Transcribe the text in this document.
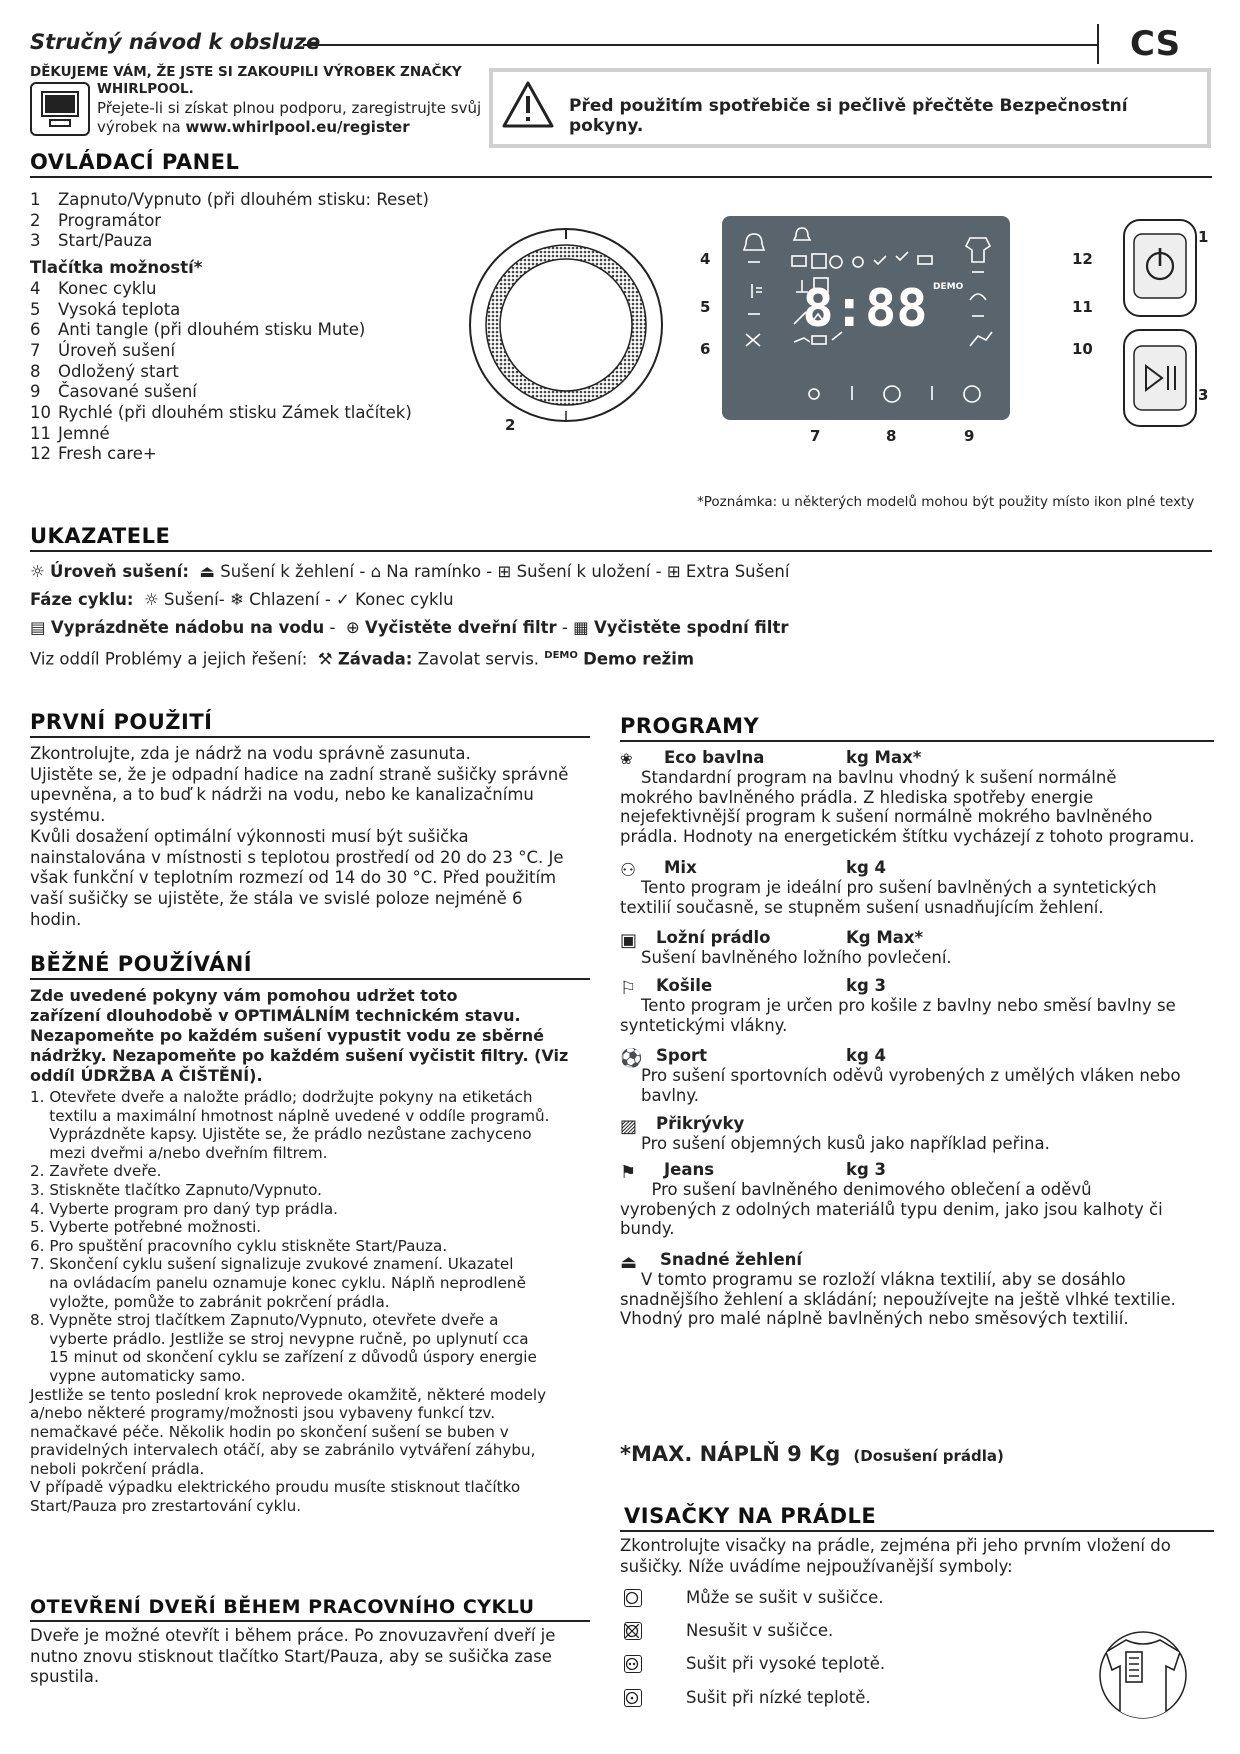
Stručný návod k obsluze	CS
DĚKUJEME VÁM, ŽE JSTE SI ZAKOUPILI VÝROBEK ZNAČKY
WHIRLPOOL.
Přejete-li si získat plnou podporu, zaregistrujte svůj
výrobek na www.whirlpool.eu/register
Před použitím spotřebiče si pečlivě přečtěte Bezpečnostní pokyny.
OVLÁDACÍ PANEL
1 Zapnuto/Vypnuto (při dlouhém stisku: Reset)
2 Programátor
3 Start/Pauza
Tlačítka možností*
4 Konec cyklu
5 Vysoká teplota
6 Anti tangle (při dlouhém stisku Mute)
7 Úroveň sušení
8 Odložený start
9 Časované sušení
10 Rychlé (při dlouhém stisku Zámek tlačítek)
11 Jemné
12 Fresh care+
2
8:88 DEMO
4
5
6
12
11
10
7	8	9
1
3
*Poznámka: u některých modelů mohou být použity místo ikon plné texty
UKAZATELE
☼ Úroveň sušení:  ⏏ Sušení k žehlení - ⌂ Na ramínko - ⊞ Sušení k uložení - ⊞ Extra Sušení
Fáze cyklu:  ☼ Sušení- ❄ Chlazení - ✓ Konec cyklu
▤ Vyprázdněte nádobu na vodu -  ⊕ Vyčistěte dveřní filtr - ▦ Vyčistěte spodní filtr
Viz oddíl Problémy a jejich řešení:  ⚒ Závada: Zavolat servis. $^{DEMO}$ Demo režim
PRVNÍ POUŽITÍ
Zkontrolujte, zda je nádrž na vodu správně zasunuta.
Ujistěte se, že je odpadní hadice na zadní straně sušičky správně
upevněna, a to buď k nádrži na vodu, nebo ke kanalizačnímu
systému.
Kvůli dosažení optimální výkonnosti musí být sušička
nainstalována v místnosti s teplotou prostředí od 20 do 23 °C. Je
však funkční v teplotním rozmezí od 14 do 30 °C. Před použitím
vaší sušičky se ujistěte, že stála ve svislé poloze nejméně 6
hodin.
BĚŽNÉ POUŽÍVÁNÍ
Zde uvedené pokyny vám pomohou udržet toto
zařízení dlouhodobě v OPTIMÁLNÍM technickém stavu.
Nezapomeňte po každém sušení vypustit vodu ze sběrné
nádržky. Nezapomeňte po každém sušení vyčistit filtry. (Viz
oddíl ÚDRŽBA A ČIŠTĚNÍ).
1. Otevřete dveře a naložte prádlo; dodržujte pokyny na etiketách
textilu a maximální hmotnost náplně uvedené v oddíle programů.
Vyprázdněte kapsy. Ujistěte se, že prádlo nezůstane zachyceno
mezi dveřmi a/nebo dveřním filtrem.
2. Zavřete dveře.
3. Stiskněte tlačítko Zapnuto/Vypnuto.
4. Vyberte program pro daný typ prádla.
5. Vyberte potřebné možnosti.
6. Pro spuštění pracovního cyklu stiskněte Start/Pauza.
7. Skončení cyklu sušení signalizuje zvukové znamení. Ukazatel
na ovládacím panelu oznamuje konec cyklu. Náplň neprodleně
vyložte, pomůže to zabránit pokrčení prádla.
8. Vypněte stroj tlačítkem Zapnuto/Vypnuto, otevřete dveře a
vyberte prádlo. Jestliže se stroj nevypne ručně, po uplynutí cca
15 minut od skončení cyklu se zařízení z důvodů úspory energie
vypne automaticky samo.
Jestliže se tento poslední krok neprovede okamžitě, některé modely
a/nebo některé programy/možnosti jsou vybaveny funkcí tzv.
nemačkavé péče. Několik hodin po skončení sušení se buben v
pravidelných intervalech otáčí, aby se zabránilo vytváření záhybu,
neboli pokrčení prádla.
V případě výpadku elektrického proudu musíte stisknout tlačítko
Start/Pauza pro zrestartování cyklu.
OTEVŘENÍ DVEŘÍ BĚHEM PRACOVNÍHO CYKLU
Dveře je možné otevřít i během práce. Po znovuzavření dveří je
nutno znovu stisknout tlačítko Start/Pauza, aby se sušička zase
spustila.
PROGRAMY
❀ Eco bavlna	kg Max*
Standardní program na bavlnu vhodný k sušení normálně
mokrého bavlněného prádla. Z hlediska spotřeby energie
nejefektivnější program k sušení normálně mokrého bavlněného
prádla. Hodnoty na energetickém štítku vycházejí z tohoto programu.
⚇ Mix	kg 4
Tento program je ideální pro sušení bavlněných a syntetických
textilií současně, se stupněm sušení usnadňujícím žehlení.
▣ Ložní prádlo	Kg Max*
Sušení bavlněného ložního povlečení.
⚐ Košile	kg 3
Tento program je určen pro košile z bavlny nebo směsí bavlny se
syntetickými vlákny.
⚽ Sport	kg 4
Pro sušení sportovních oděvů vyrobených z umělých vláken nebo
bavlny.
▨ Přikrývky
Pro sušení objemných kusů jako například peřina.
⚑ Jeans	kg 3
Pro sušení bavlněného denimového oblečení a oděvů
vyrobených z odolných materiálů typu denim, jako jsou kalhoty či
bundy.
⏏ Snadné žehlení
V tomto programu se rozloží vlákna textilií, aby se dosáhlo
snadnějšího žehlení a skládání; nepoužívejte na ještě vlhké textilie.
Vhodný pro malé náplně bavlněných nebo směsových textilií.
*MAX. NÁPLŇ 9 Kg (Dosušení prádla)
VISAČKY NA PRÁDLE
Zkontrolujte visačky na prádle, zejména při jeho prvním vložení do
sušičky. Níže uvádíme nejpoužívanější symboly:
Může se sušit v sušičce.
Nesušit v sušičce.
Sušit při vysoké teplotě.
Sušit při nízké teplotě.
